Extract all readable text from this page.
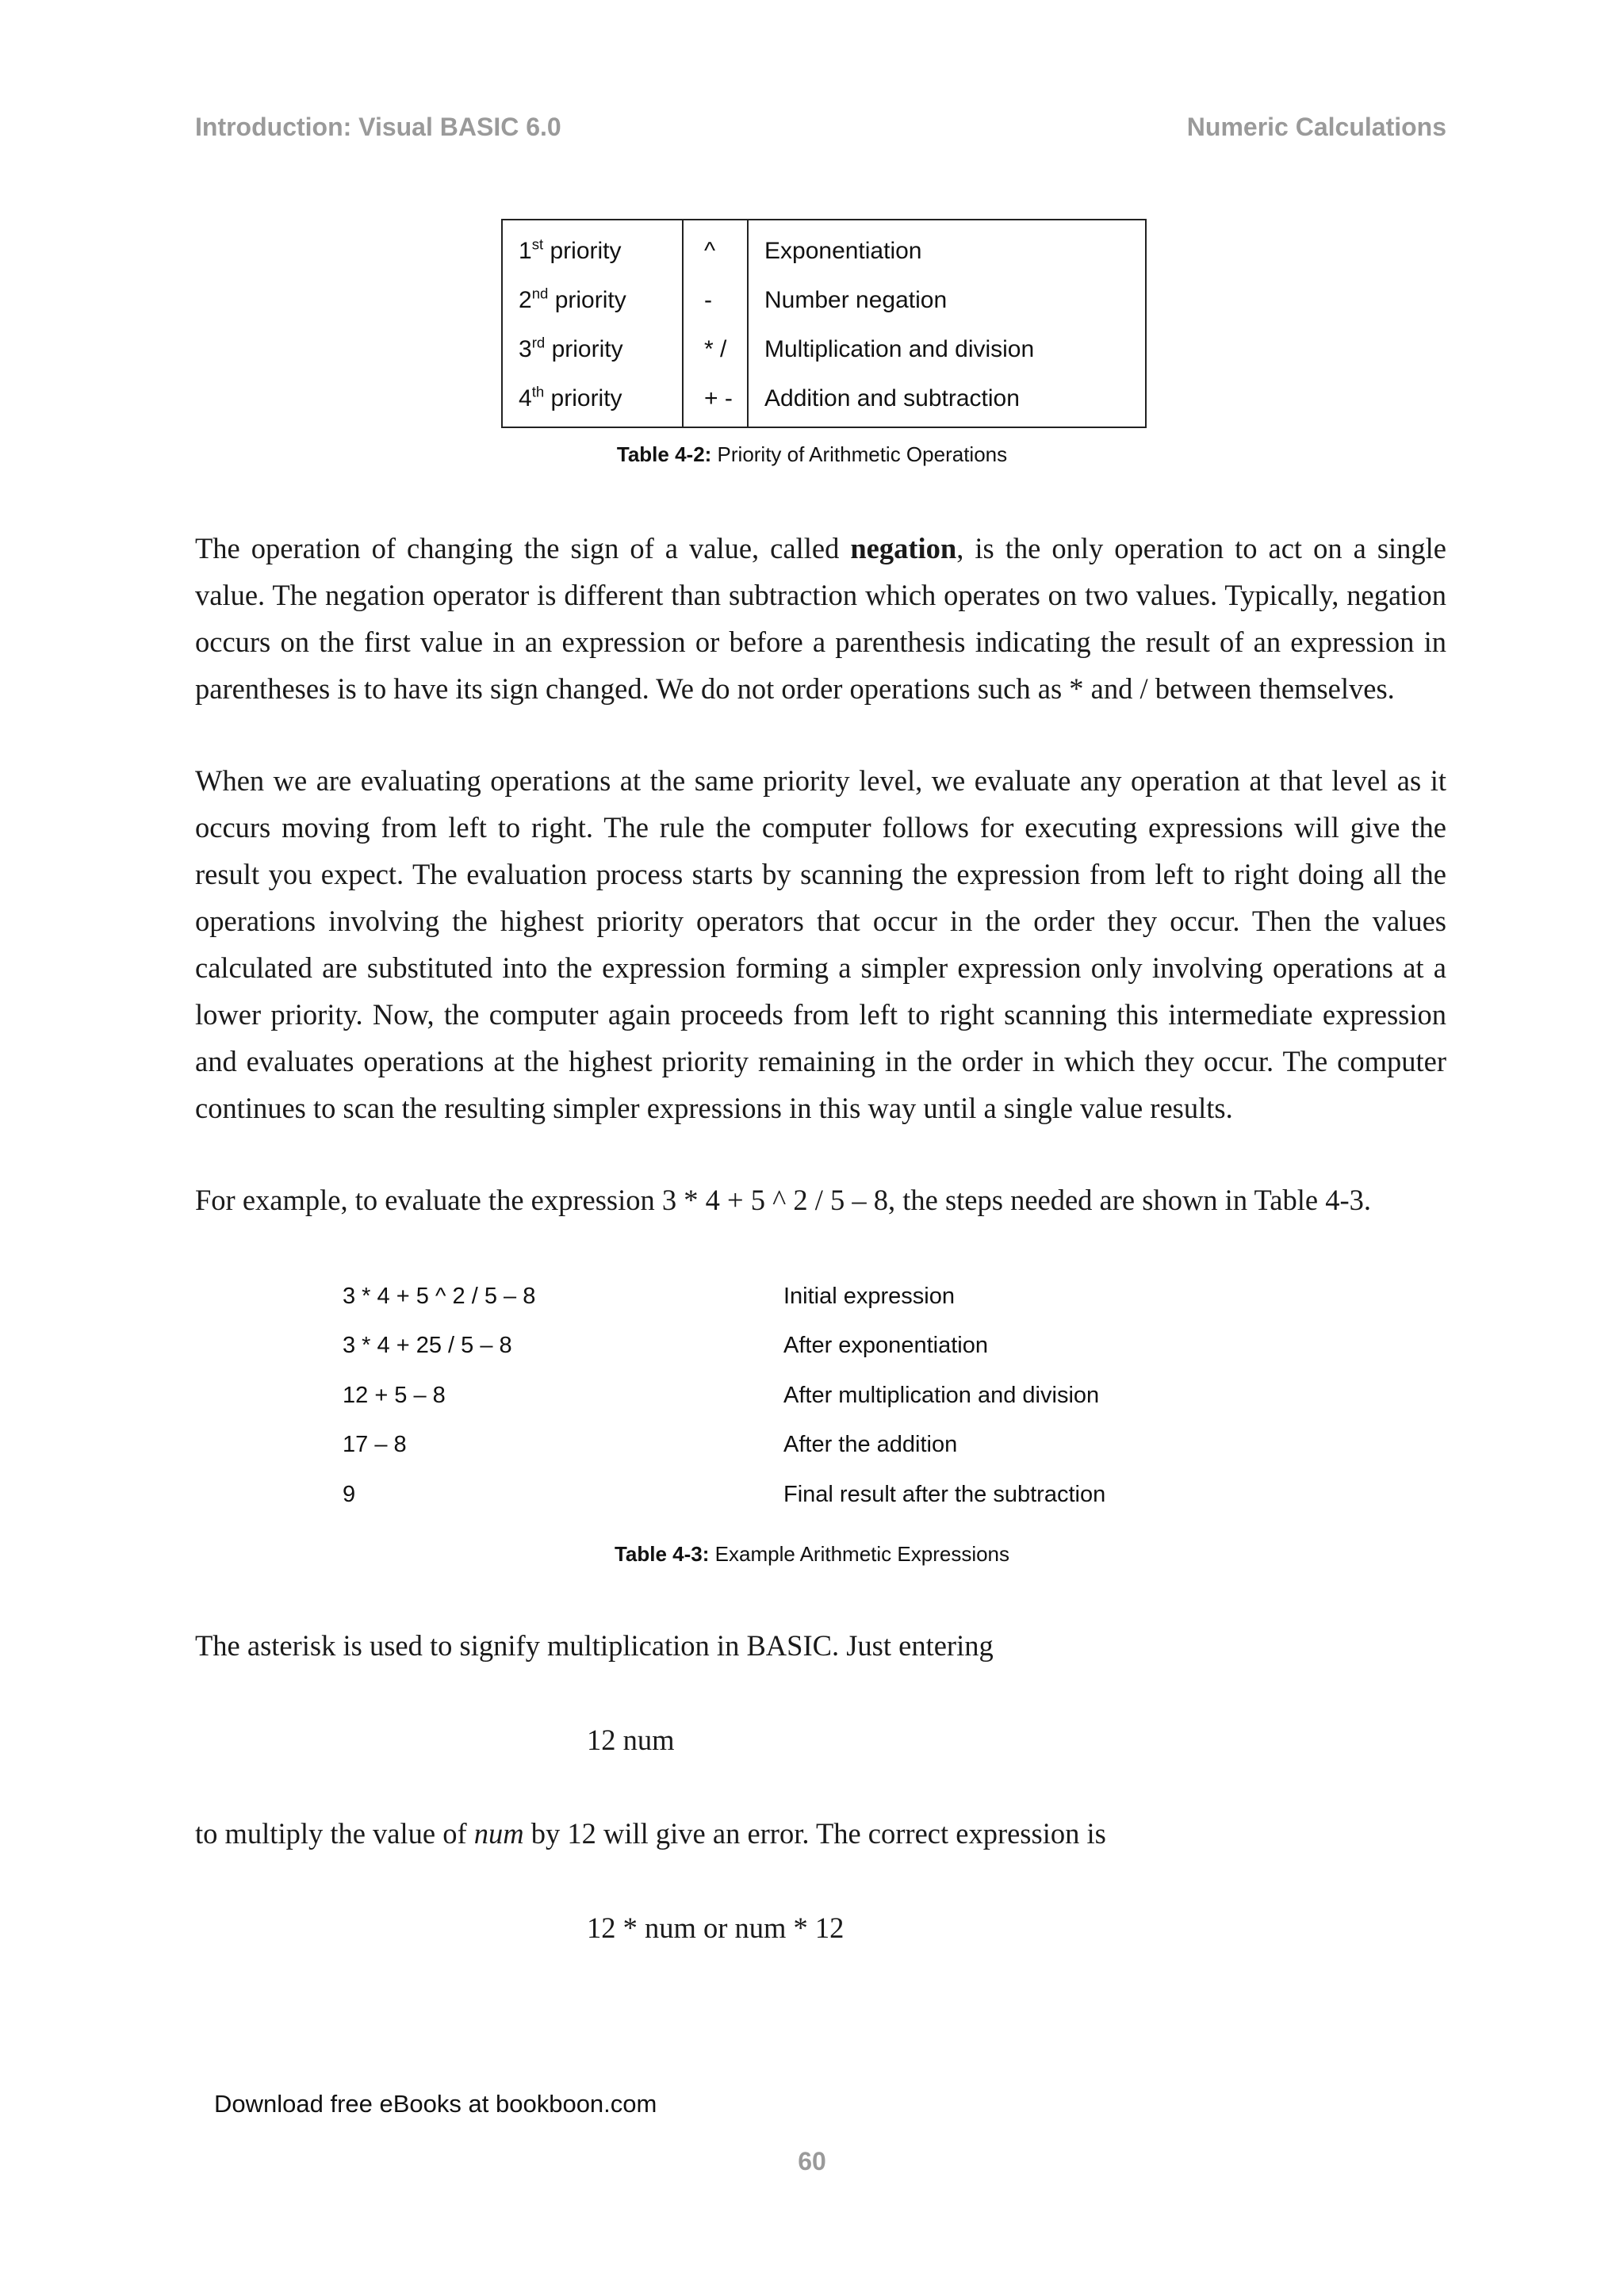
Introduction: Visual BASIC 6.0	Numeric Calculations
1st priority	^	Exponentiation
2nd priority	-	Number negation
3rd priority	* /	Multiplication and division
4th priority	+ -	Addition and subtraction
Table 4-2: Priority of Arithmetic Operations
The operation of changing the sign of a value, called negation, is the only operation to act on a single value. The negation operator is different than subtraction which operates on two values. Typically, negation occurs on the first value in an expression or before a parenthesis indicating the result of an expression in parentheses is to have its sign changed. We do not order operations such as * and / between themselves.
When we are evaluating operations at the same priority level, we evaluate any operation at that level as it occurs moving from left to right. The rule the computer follows for executing expressions will give the result you expect. The evaluation process starts by scanning the expression from left to right doing all the operations involving the highest priority operators that occur in the order they occur. Then the values calculated are substituted into the expression forming a simpler expression only involving operations at a lower priority. Now, the computer again proceeds from left to right scanning this intermediate expression and evaluates operations at the highest priority remaining in the order in which they occur. The computer continues to scan the resulting simpler expressions in this way until a single value results.
For example, to evaluate the expression 3 * 4 + 5 ^ 2 / 5 – 8, the steps needed are shown in Table 4-3.
3 * 4 + 5 ^ 2 / 5 – 8	Initial expression
3 * 4 + 25 / 5 – 8	After exponentiation
12 + 5 – 8	After multiplication and division
17 – 8	After the addition
9	Final result after the subtraction
Table 4-3: Example Arithmetic Expressions
The asterisk is used to signify multiplication in BASIC. Just entering
12 num
to multiply the value of num by 12 will give an error. The correct expression is
12 * num or num * 12
Download free eBooks at bookboon.com
60
